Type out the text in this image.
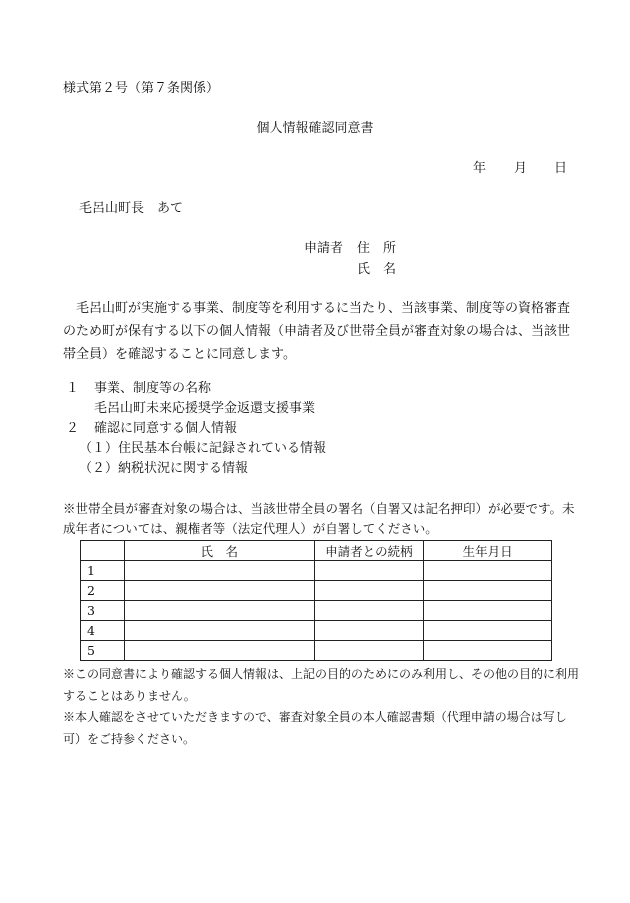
様式第２号（第７条関係）
個人情報確認同意書
年 月 日
毛呂山町長　あて
申請者 住　所
氏　名
毛呂山町が実施する事業、制度等を利用するに当たり、当該事業、制度等の資格審査のため町が保有する以下の個人情報（申請者及び世帯全員が審査対象の場合は、当該世帯全員）を確認することに同意します。
１ 事業、制度等の名称
毛呂山町未来応援奨学金返還支援事業
２ 確認に同意する個人情報
（１）住民基本台帳に記録されている情報
（２）納税状況に関する情報
※世帯全員が審査対象の場合は、当該世帯全員の署名（自署又は記名押印）が必要です。未成年者については、親権者等（法定代理人）が自署してください。
	氏　名	申請者との続柄	生年月日
1			
2			
3			
4			
5			
※この同意書により確認する個人情報は、上記の目的のためにのみ利用し、その他の目的に利用することはありません。
※本人確認をさせていただきますので、審査対象全員の本人確認書類（代理申請の場合は写し可）をご持参ください。
